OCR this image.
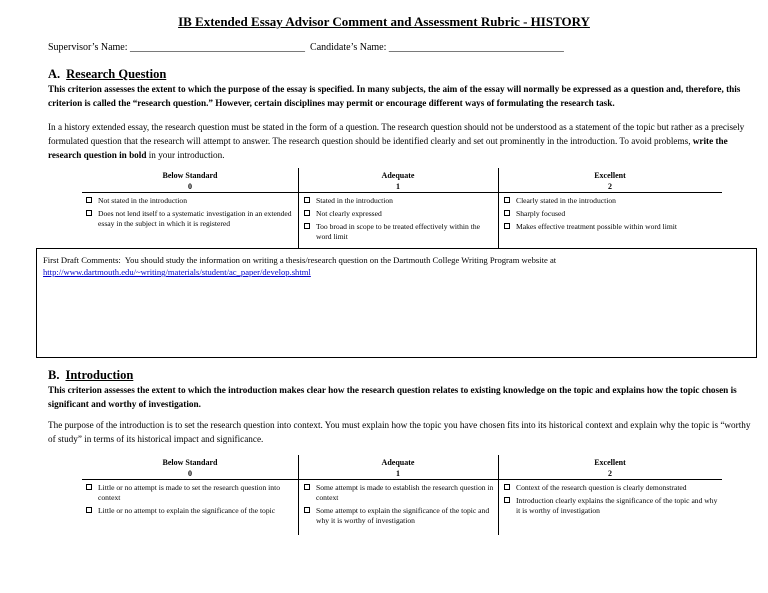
IB Extended Essay Advisor Comment and Assessment Rubric - HISTORY
Supervisor’s Name: ___________________________________ Candidate’s Name: ___________________________________
A. Research Question
This criterion assesses the extent to which the purpose of the essay is specified. In many subjects, the aim of the essay will normally be expressed as a question and, therefore, this criterion is called the “research question.” However, certain disciplines may permit or encourage different ways of formulating the research task.
In a history extended essay, the research question must be stated in the form of a question. The research question should not be understood as a statement of the topic but rather as a precisely formulated question that the research will attempt to answer. The research question should be identified clearly and set out prominently in the introduction. To avoid problems, write the research question in bold in your introduction.
Below Standard
0
Adequate
1
Excellent
2
Not stated in the introduction
Does not lend itself to a systematic investigation in an extended essay in the subject in which it is registered
Stated in the introduction
Not clearly expressed
Too broad in scope to be treated effectively within the word limit
Clearly stated in the introduction
Sharply focused
Makes effective treatment possible within word limit
First Draft Comments: You should study the information on writing a thesis/research question on the Dartmouth College Writing Program website at
http://www.dartmouth.edu/~writing/materials/student/ac_paper/develop.shtml
B. Introduction
This criterion assesses the extent to which the introduction makes clear how the research question relates to existing knowledge on the topic and explains how the topic chosen is significant and worthy of investigation.
The purpose of the introduction is to set the research question into context. You must explain how the topic you have chosen fits into its historical context and explain why the topic is “worthy of study” in terms of its historical impact and significance.
Below Standard
0
Adequate
1
Excellent
2
Little or no attempt is made to set the research question into context
Little or no attempt to explain the significance of the topic
Some attempt is made to establish the research question in context
Some attempt to explain the significance of the topic and why it is worthy of investigation
Context of the research question is clearly demonstrated
Introduction clearly explains the significance of the topic and why it is worthy of investigation
